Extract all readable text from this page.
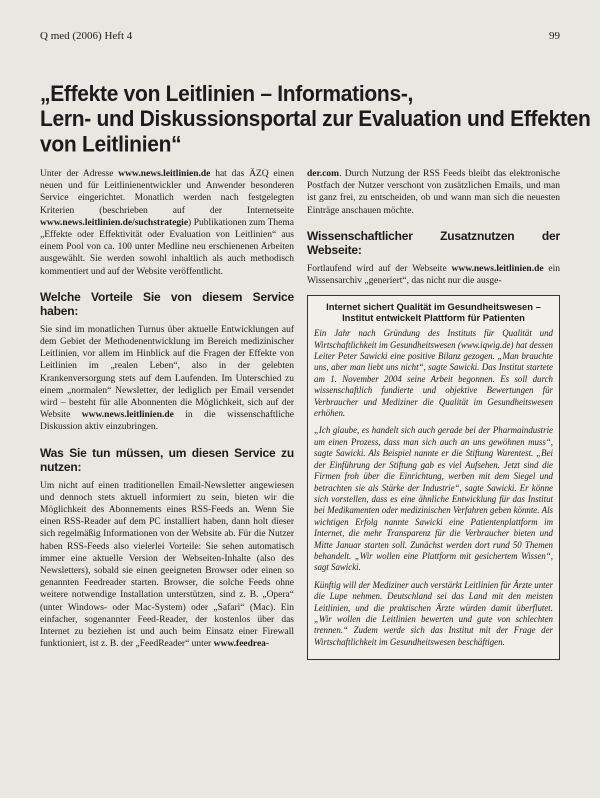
Q med (2006) Heft 4	99
„Effekte von Leitlinien – Informations-,
Lern- und Diskussionsportal zur Evaluation und Effekten
von Leitlinien“

Unter der Adresse www.news.leitlinien.de hat das ÄZQ einen neuen und für Leitlinienentwickler und Anwender besonderen Service eingerichtet. Monatlich werden nach festgelegten Kriterien (beschrieben auf der Internetseite www.news.leitlinien.de/suchstrategie) Publikationen zum Thema „Effekte oder Effektivität oder Evaluation von Leitlinien“ aus einem Pool von ca. 100 unter Medline neu erschienenen Arbeiten ausgewählt. Sie werden sowohl inhaltlich als auch methodisch kommentiert und auf der Website veröffentlicht.

Welche Vorteile Sie von diesem Service haben:

Sie sind im monatlichen Turnus über aktuelle Entwicklungen auf dem Gebiet der Methodenentwicklung im Bereich medizinischer Leitlinien, vor allem im Hinblick auf die Fragen der Effekte von Leitlinien im „realen Leben“, also in der gelebten Krankenversorgung stets auf dem Laufenden. Im Unterschied zu einem „normalen“ Newsletter, der lediglich per Email versendet wird – besteht für alle Abonnenten die Möglichkeit, sich auf der Website www.news.leitlinien.de in die wissenschaftliche Diskussion aktiv einzubringen.

Was Sie tun müssen, um diesen Service zu nutzen:

Um nicht auf einen traditionellen Email-Newsletter angewiesen und dennoch stets aktuell informiert zu sein, bieten wir die Möglichkeit des Abonnements eines RSS-Feeds an. Wenn Sie einen RSS-Reader auf dem PC installiert haben, dann holt dieser sich regelmäßig Informationen von der Website ab. Für die Nutzer haben RSS-Feeds also vielerlei Vorteile: Sie sehen automatisch immer eine aktuelle Version der Webseiten-Inhalte (also des Newsletters), sobald sie einen geeigneten Browser oder einen so genannten Feedreader starten. Browser, die solche Feeds ohne weitere notwendige Installation unterstützen, sind z. B. „Opera“ (unter Windows- oder Mac-System) oder „Safari“ (Mac). Ein einfacher, sogenannter Feed-Reader, der kostenlos über das Internet zu beziehen ist und auch beim Einsatz einer Firewall funktioniert, ist z. B. der „FeedReader“ unter www.feedrea-

der.com. Durch Nutzung der RSS Feeds bleibt das elektronische Postfach der Nutzer verschont von zusätzlichen Emails, und man ist ganz frei, zu entscheiden, ob und wann man sich die neuesten Einträge anschauen möchte.

Wissenschaftlicher Zusatznutzen der Webseite:

Fortlaufend wird auf der Webseite www.news.leitlinien.de ein Wissensarchiv „generiert“, das nicht nur die ausge-

Internet sichert Qualität im Gesundheitswesen – Institut entwickelt Plattform für Patienten

Ein Jahr nach Gründung des Instituts für Qualität und Wirtschaftlichkeit im Gesundheitswesen (www.iqwig.de) hat dessen Leiter Peter Sawicki eine positive Bilanz gezogen. „Man brauchte uns, aber man liebt uns nicht“, sagte Sawicki. Das Institut startete am 1. November 2004 seine Arbeit begonnen. Es soll durch wissenschaftlich fundierte und objektive Bewertungen für Verbraucher und Mediziner die Qualität im Gesundheitswesen erhöhen.

„Ich glaube, es handelt sich auch gerade bei der Pharmaindustrie um einen Prozess, dass man sich auch an uns gewöhnen muss“, sagte Sawicki. Als Beispiel nannte er die Stiftung Warentest. „Bei der Einführung der Stiftung gab es viel Aufsehen. Jetzt sind die Firmen froh über die Einrichtung, werben mit dem Siegel und betrachten sie als Stärke der Industrie“, sagte Sawicki. Er könne sich vorstellen, dass es eine ähnliche Entwicklung für das Institut bei Medikamenten oder medizinischen Verfahren geben könnte. Als wichtigen Erfolg nannte Sawicki eine Patientenplattform im Internet, die mehr Transparenz für die Verbraucher bieten und Mitte Januar starten soll. Zunächst werden dort rund 50 Themen behandelt. „Wir wollen eine Plattform mit gesichertem Wissen“, sagt Sawicki.

Künftig will der Mediziner auch verstärkt Leitlinien für Ärzte unter die Lupe nehmen. Deutschland sei das Land mit den meisten Leitlinien, und die praktischen Ärzte würden damit überflutet. „Wir wollen die Leitlinien bewerten und gute von schlechten trennen.“ Zudem werde sich das Institut mit der Frage der Wirtschaftlichkeit im Gesundheitswesen beschäftigen.
